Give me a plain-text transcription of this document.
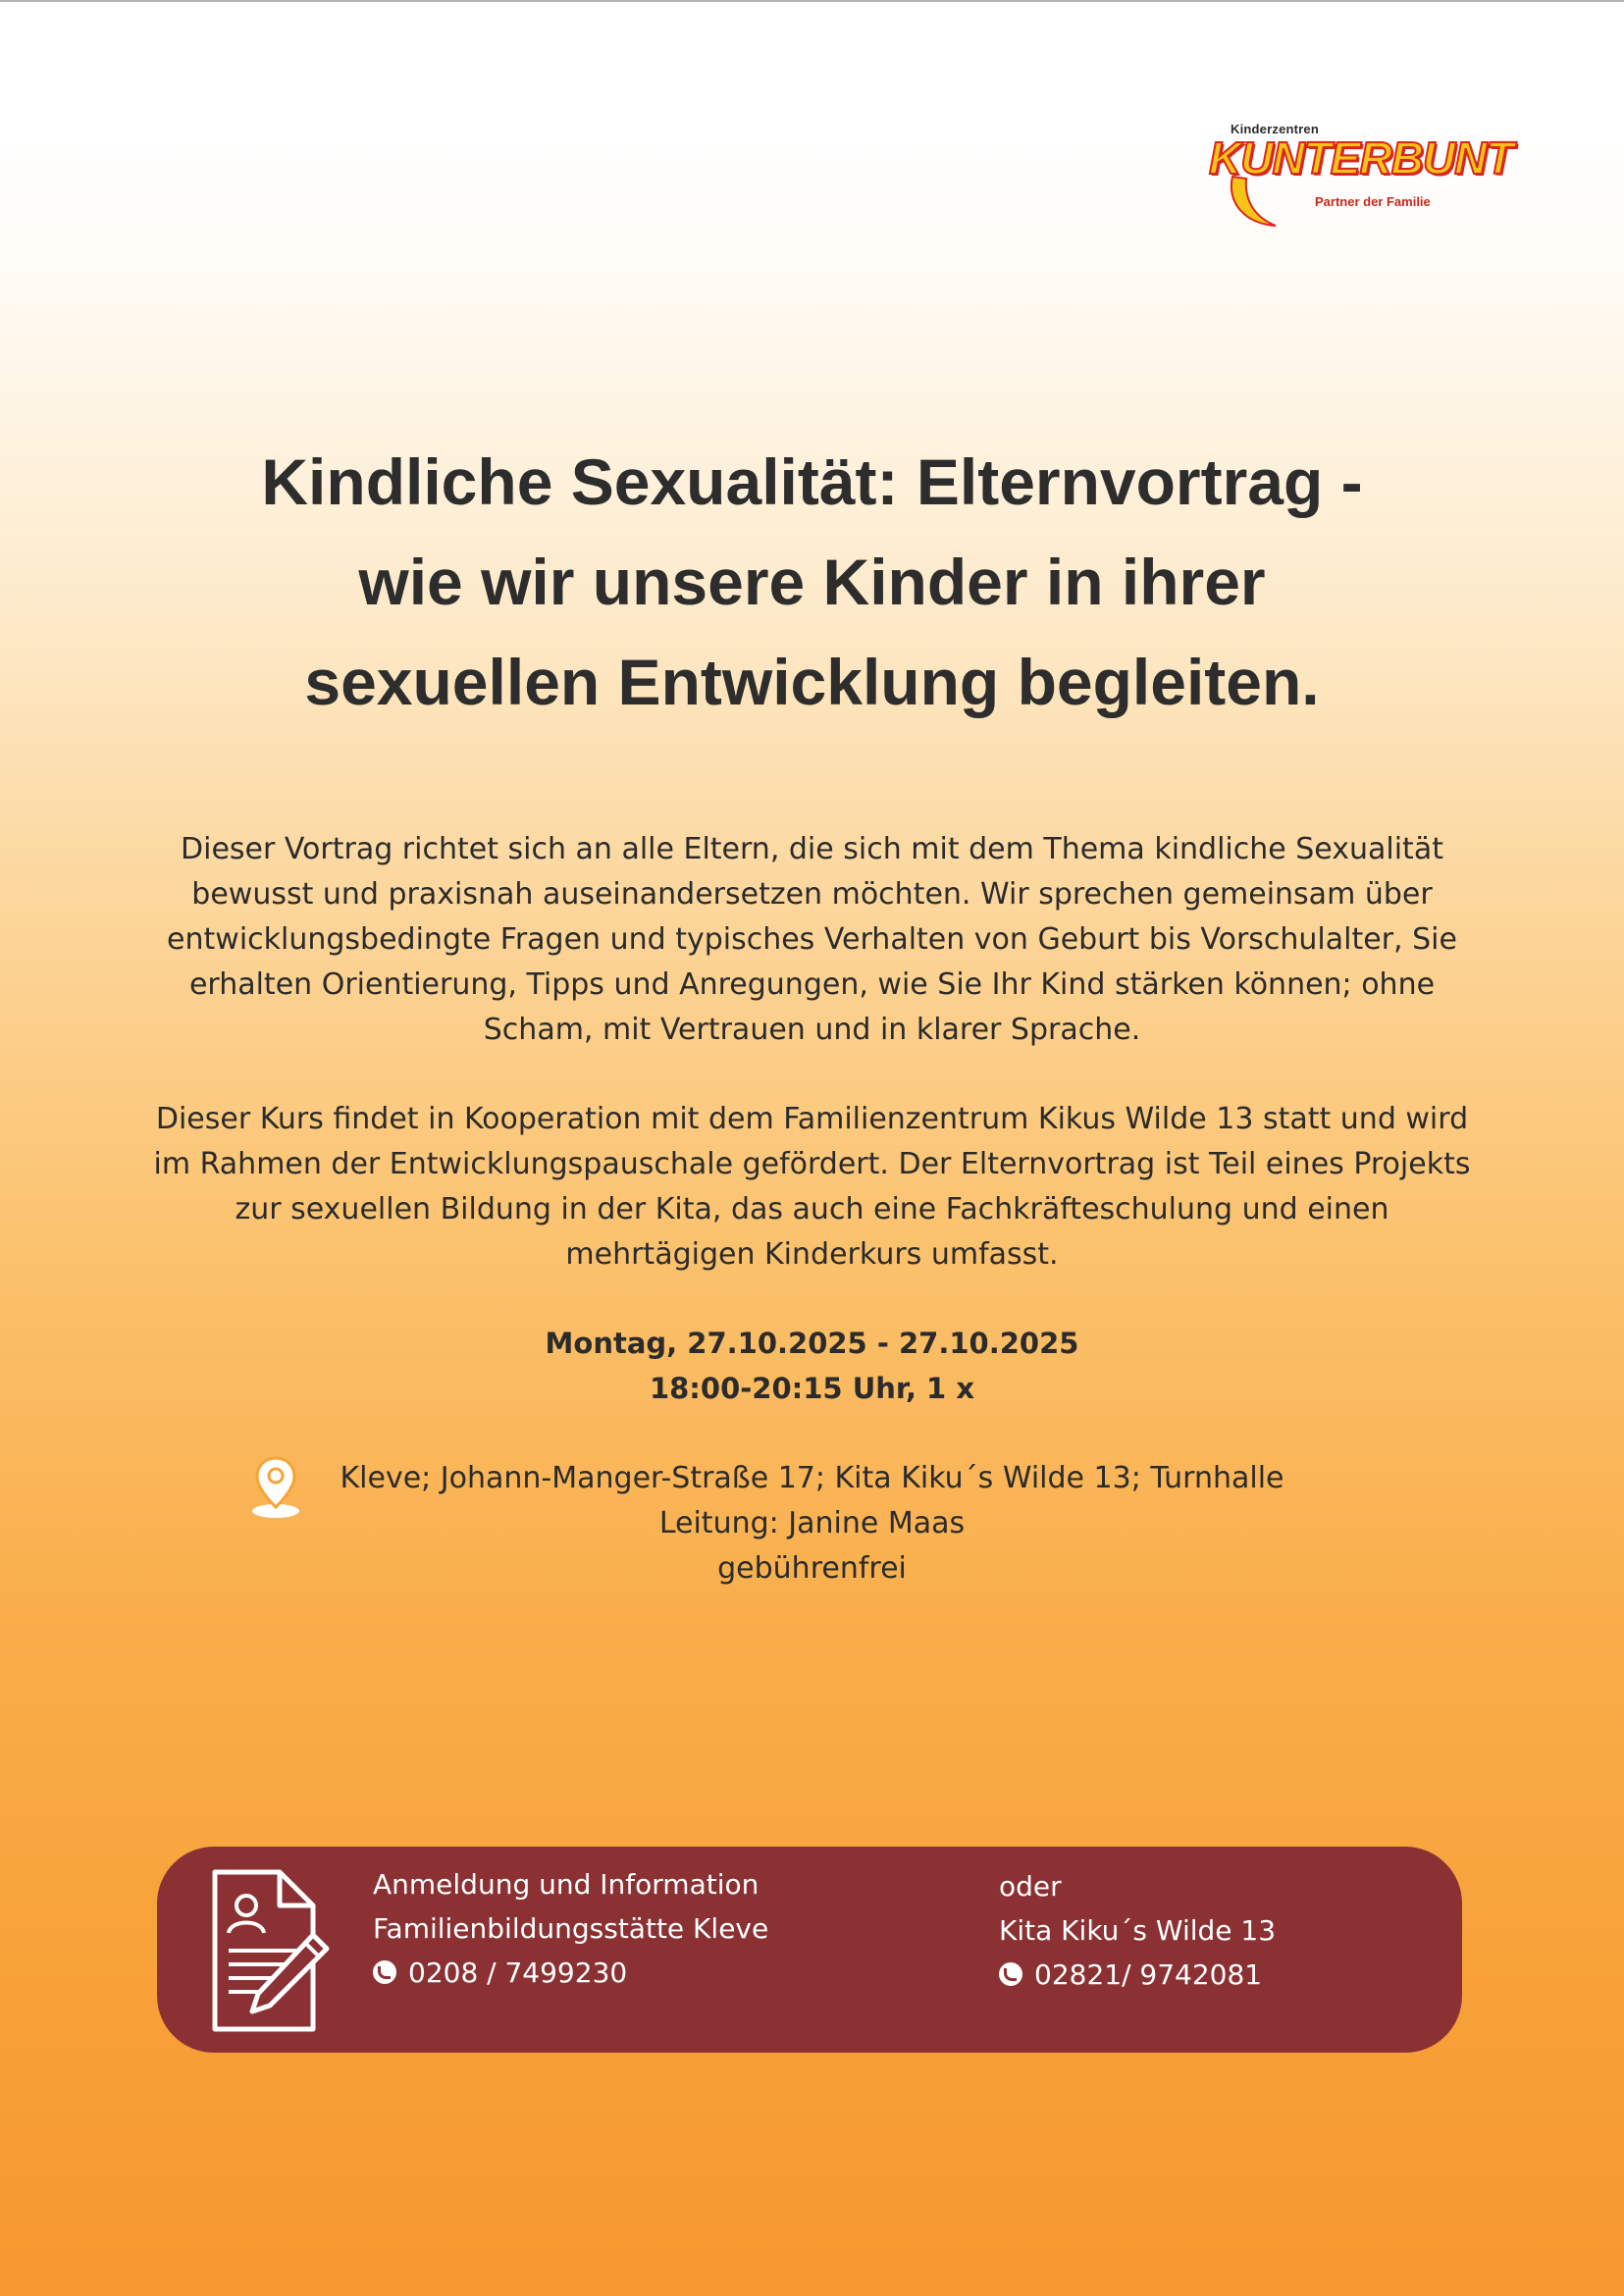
Kinderzentren
KUNTERBUNT
Partner der Familie
Kindliche Sexualität: Elternvortrag -
wie wir unsere Kinder in ihrer
sexuellen Entwicklung begleiten.
Dieser Vortrag richtet sich an alle Eltern, die sich mit dem Thema kindliche Sexualität
bewusst und praxisnah auseinandersetzen möchten. Wir sprechen gemeinsam über
entwicklungsbedingte Fragen und typisches Verhalten von Geburt bis Vorschulalter, Sie
erhalten Orientierung, Tipps und Anregungen, wie Sie Ihr Kind stärken können; ohne
Scham, mit Vertrauen und in klarer Sprache.
Dieser Kurs findet in Kooperation mit dem Familienzentrum Kikus Wilde 13 statt und wird
im Rahmen der Entwicklungspauschale gefördert. Der Elternvortrag ist Teil eines Projekts
zur sexuellen Bildung in der Kita, das auch eine Fachkräfteschulung und einen
mehrtägigen Kinderkurs umfasst.
Montag, 27.10.2025 - 27.10.2025
18:00-20:15 Uhr, 1 x
Kleve; Johann-Manger-Straße 17; Kita Kiku´s Wilde 13; Turnhalle
Leitung: Janine Maas
gebührenfrei
Anmeldung und Information
Familienbildungsstätte Kleve
0208 / 7499230
oder
Kita Kiku´s Wilde 13
02821/ 9742081
